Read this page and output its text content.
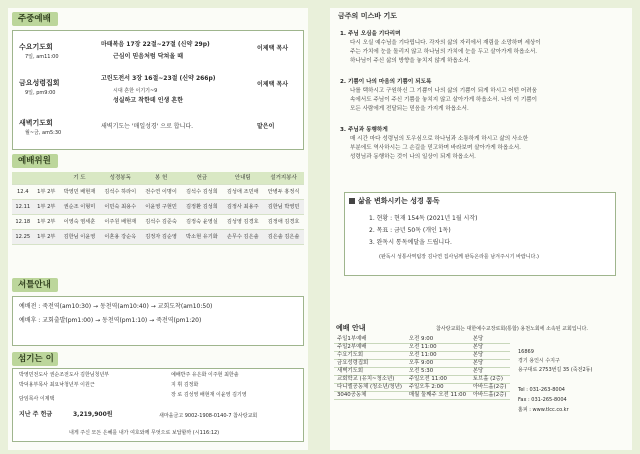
주중예배
수요기도회
7일, am11:00
마태복음 17장 22절~27절 (신약 29p)
근심이 믿음처럼 닥쳐올 때
이제택 목사
금요성령집회
9일, pm9:00
고린도전서 3장 16절~23절 (신약 266p)
시대 흔한 이기기~9
성실하고 착한데 인생 흔한
이제택 목사
새벽기도회
월~금, am5:30
새벽기도는 '매일성경' 으로 합니다.	맡은이
예배위원
		기 도	성경봉독	봉 헌	헌금	안내팀	설거지봉사
12.4	1부 2부	박영민 배현재	김석수 하라이	전수연 이명이	김석수 김성희	김성애 조민애	안병두 홍정식
12.11	1부 2부	권순조 이형미	이민숙 최용수	이윤영 구현민	김정환 김성희	김정사 최용주	김한님 박영민
12.18	1부 2부	이영숙 염세훈	이주원 배현재	김석수 김준숙	김정숙 윤영실	김성영 김경호	김정애 김경호
12.25	1부 2부	김한님 이윤영	이혼용 강순옥	김정자 김순영	박소현 유기화	손무수 김은솔	김은솔 김은솔
셔틀안내
예배전 : 죽전역(am10:30) → 동천역(am10:40) → 교회도착(am10:50)
예배후 : 교회출발(pm1:00) → 동천역(pm1:10) → 죽전역(pm1:20)
섬기는 이
박영민전도사 권순조전도사 김한님청년부
박덕용부목사 최요낙청년부 이원근
담임목사 이제택
예배반주 유은화 이주현 최한솔
지 휘 김정화
장 로 김성영 배현재 이윤영 김기영
지난 주 헌금	3,219,900원	새마을금고 9002-1908-0140-7 참사랑교회
내게 주신 모든 은혜를 내가 여호와께 무엇으로 보답할까 (시116:12)
금주의 미스바 기도
1. 주님 오심을 기다리며
다시 오실 예수님을 기다립니다. 각자의 삶의 자리에서 재림을 소망하며 세상이
주는 가치에 눈을 돌리지 않고 하나님의 가치에 눈을 두고 살아가게 하옵소서.
하나님이 주신 삶의 방향을 놓치지 않게 하옵소서.
2. 기쁨이 나의 마음의 기쁨이 되도록
나를 택하시고 구원하신 그 기쁨이 나의 삶의 기쁨이 되게 하시고 어떤 어려움
속에서도 주님이 주신 기쁨을 놓치지 않고 살아가게 하옵소서. 나의 이 기쁨이
모든 사람에게 전달되는 믿음을 가지게 하옵소서.
3. 주님과 동행하게
매 시간 마다 성령님의 도우심으로 하나님과 소통하게 하시고 삶의 사소한
부분에도 역사하시는 그 손길을 믿고하며 바라보며 살아가게 하옵소서.
성령님과 동행하는 것이 나의 일상이 되게 하옵소서.
삶을 변화시키는 성경 통독
1. 현황 : 현재 154독 (2021년 1월 시작)
2. 목표 : 금년 50독 (개인 1독)
3. 완독시 통독예달을 드립니다.
(완독시 성통사역팀장 김나연 집사님께 완독온라를 남겨주시기 바랍니다.)
예배 안내	참사랑교회는 대한예수교장로회(통합) 용천노회에 소속된 교회입니다.
주일1부예배	오전 9:00	본당
주일2부예배	오전 11:00	본당
수요기도회	오전 11:00	본당
금요성령집회	오후 9:00	본당
새벽기도회	오전 5:30	본당
교회학교 (유치~청소년)	주일오전 11:00	토브홀 (2층)
다니엘공동체 (청소년/청년)	주일오후 2:00	아바드홀(2층)
3040공동체	매월 둘째주 오전 11:00	아바드홀(2층)
16869
경기 용인시 수지구
용구대로 2753번길 35 (죽전2동)
Tel : 031-263-8004
Fax : 031-265-8004
홈피 : www.tlcc.co.kr
